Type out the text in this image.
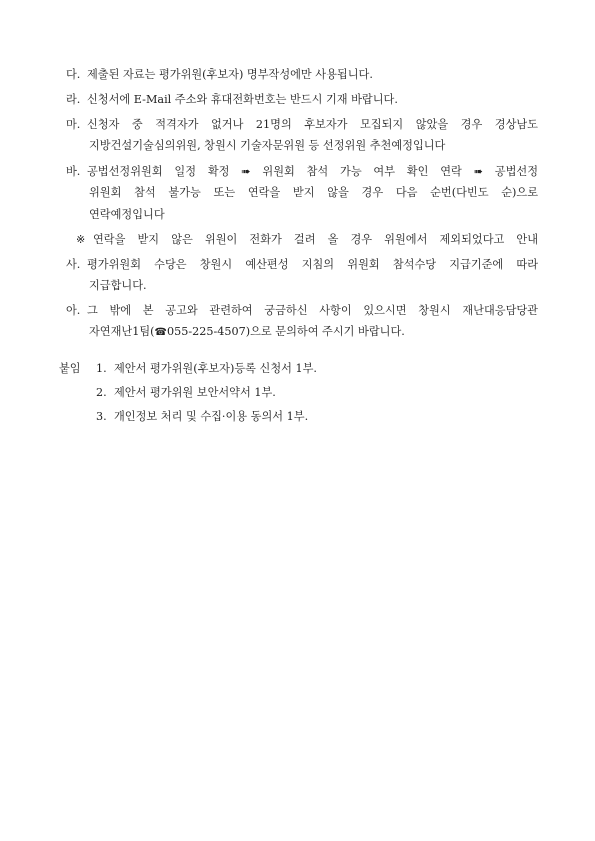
다. 제출된 자료는 평가위원(후보자) 명부작성에만 사용됩니다.
라. 신청서에 E-Mail 주소와 휴대전화번호는 반드시 기재 바랍니다.
마. 신청자 중 적격자가 없거나 21명의 후보자가 모집되지 않았을 경우 경상남도
지방건설기술심의위원, 창원시 기술자문위원 등 선정위원 추천예정입니다
바. 공법선정위원회 일정 확정 ➠ 위원회 참석 가능 여부 확인 연락 ➠ 공법선정
위원회 참석 불가능 또는 연락을 받지 않을 경우 다음 순번(다빈도 순)으로
연락예정입니다
※ 연락을 받지 않은 위원이 전화가 걸려 올 경우 위원에서 제외되었다고 안내
사. 평가위원회 수당은 창원시 예산편성 지침의 위원회 참석수당 지급기준에 따라
지급합니다.
아. 그 밖에 본 공고와 관련하여 궁금하신 사항이 있으시면 창원시 재난대응담당관
자연재난1팀(☎055-225-4507)으로 문의하여 주시기 바랍니다.
붙임 1. 제안서 평가위원(후보자)등록 신청서 1부.
2. 제안서 평가위원 보안서약서 1부.
3. 개인정보 처리 및 수집·이용 동의서 1부.
